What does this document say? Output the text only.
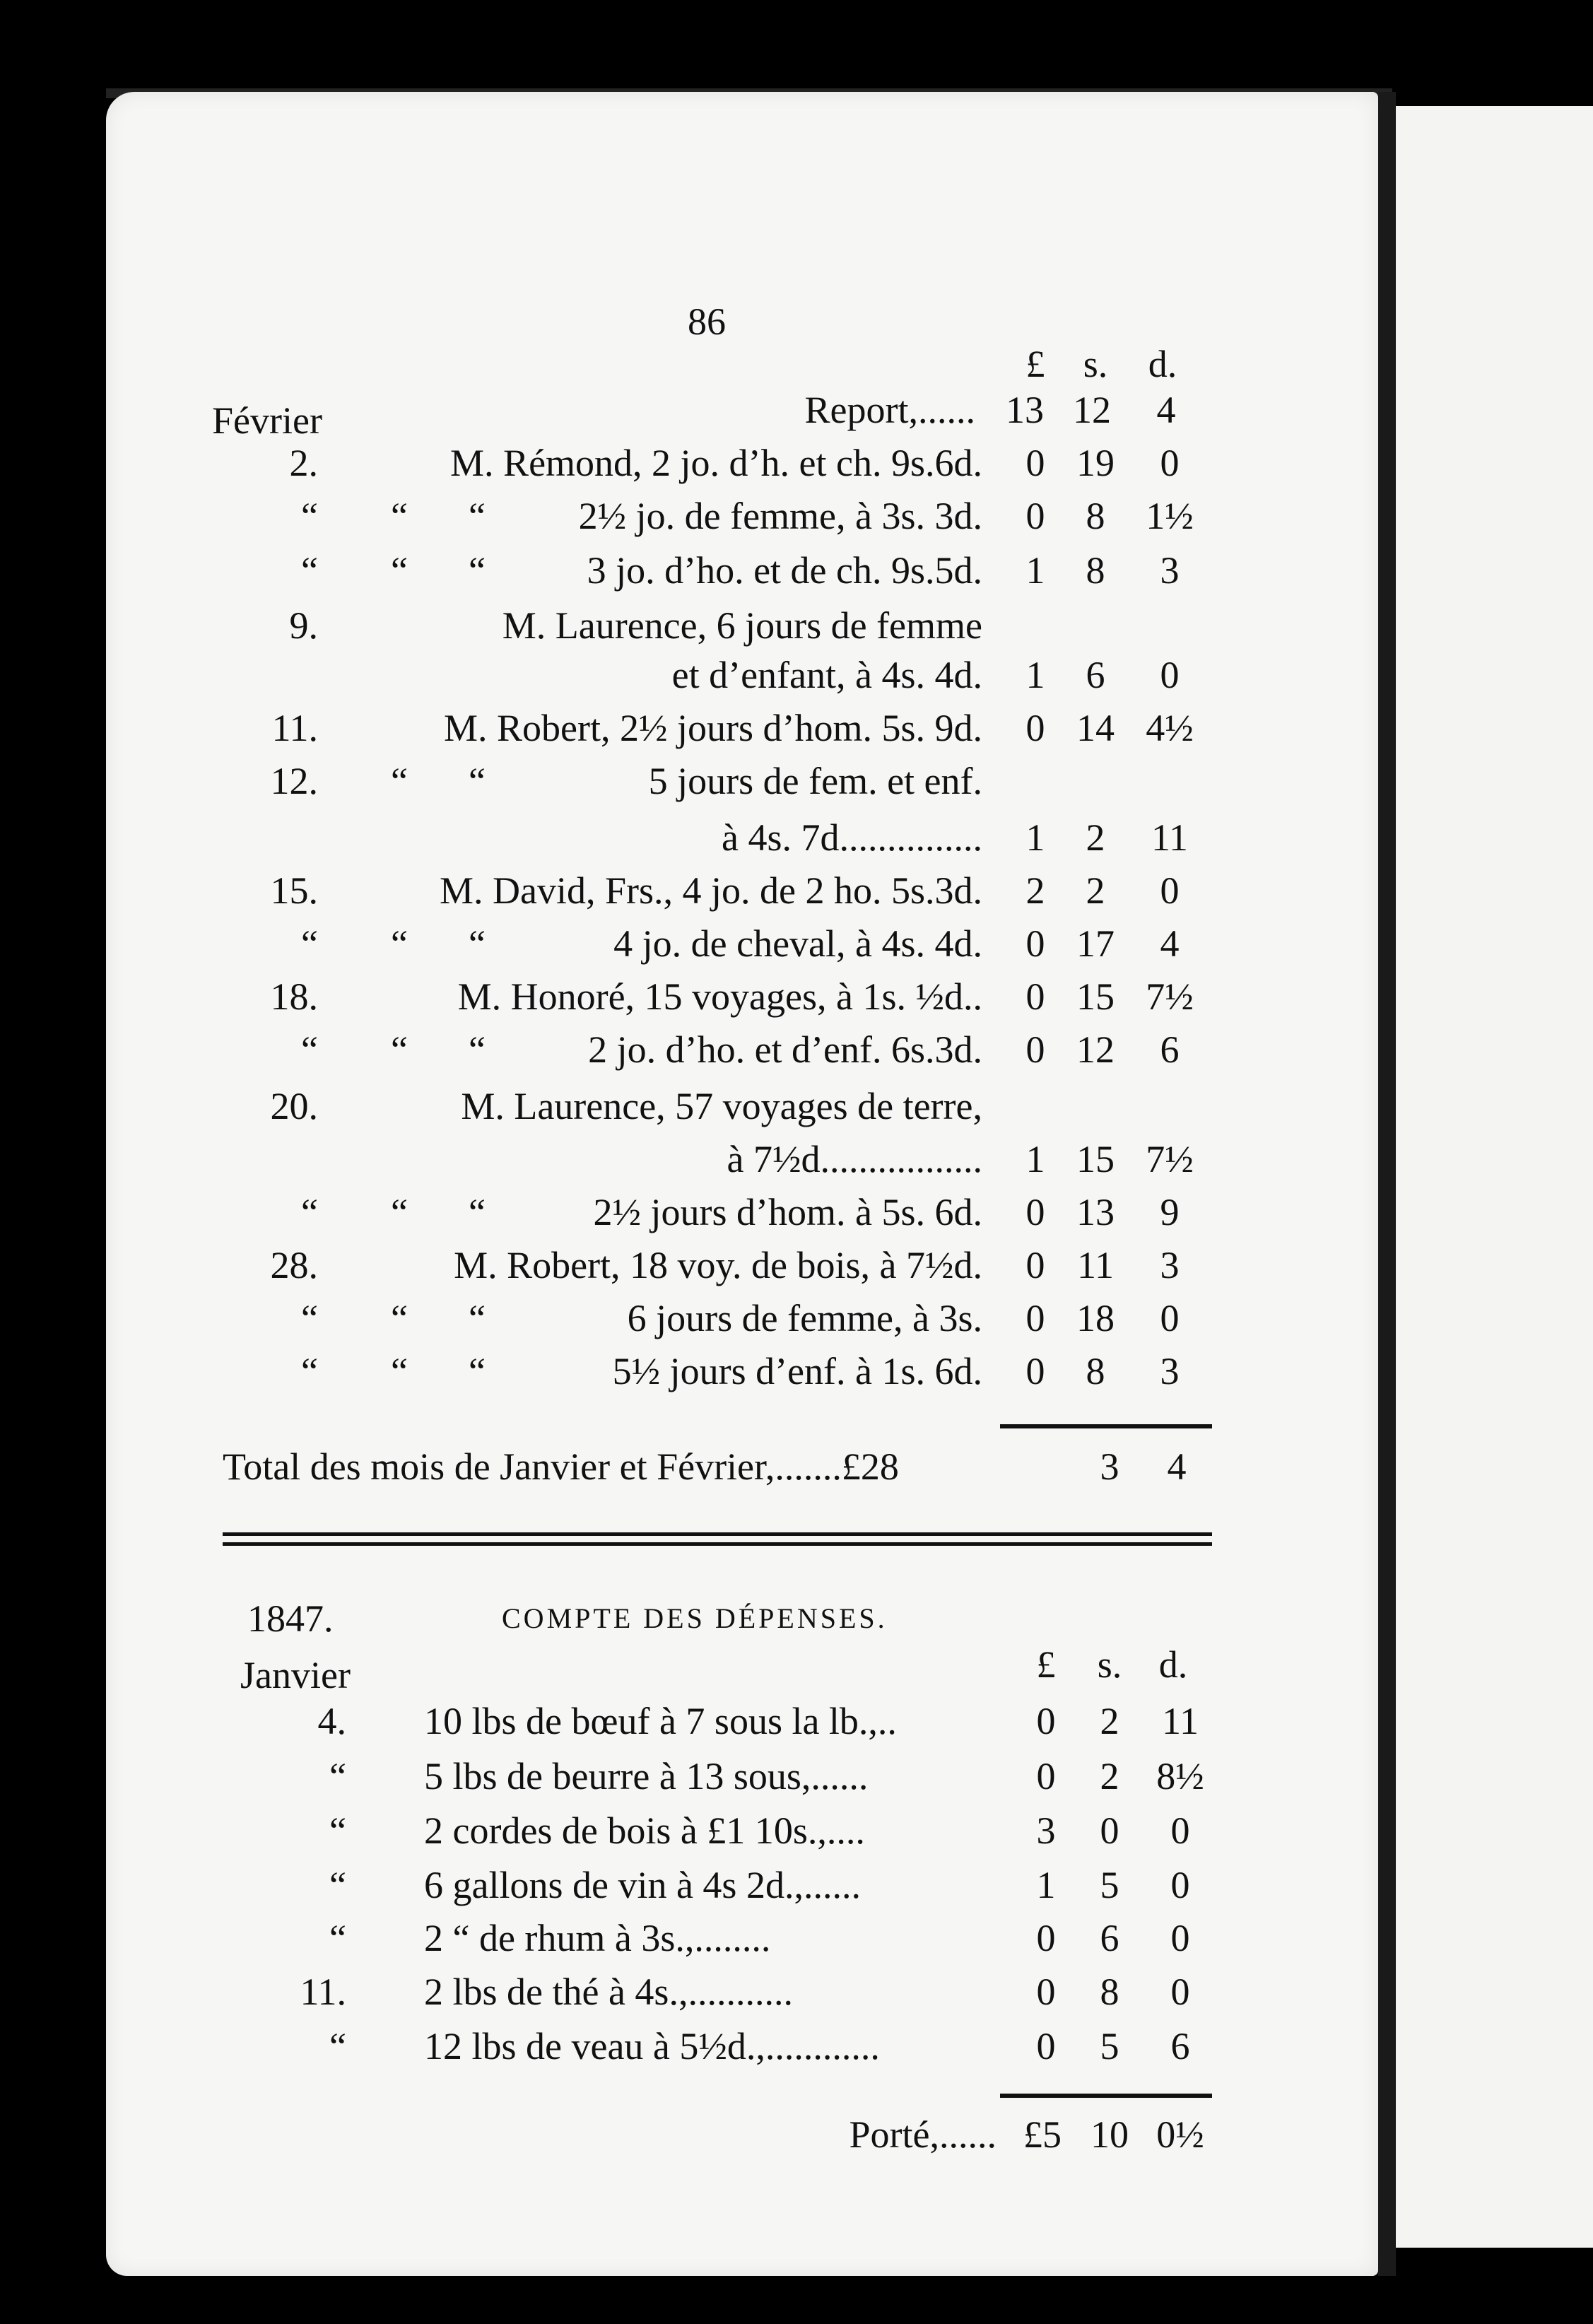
86
£	s.	d.
Février	Report,...... 13 12	4
2.	M. Rémond, 2 jo. d’h. et ch. 9s.6d.	0 19	0
“	“	“	2½ jo. de femme, à 3s. 3d.	0	8	1½
“	“	“	3 jo. d’ho. et de ch. 9s.5d.	1	8	3
9.	M. Laurence, 6 jours de femme
et d’enfant, à 4s. 4d.	1	6	0
11.	M. Robert, 2½ jours d’hom. 5s. 9d.	0 14 4½
12.	“	“	5 jours de fem. et enf.
à 4s. 7d...............	1	2	11
15.	M. David, Frs., 4 jo. de 2 ho. 5s.3d.	2	2	0
“	“	“	4 jo. de cheval, à 4s. 4d.	0 17	4
18.	M. Honoré, 15 voyages, à 1s. ½d..	0 15 7½
“	“	“	2 jo. d’ho. et d’enf. 6s.3d.	0 12	6
20.	M. Laurence, 57 voyages de terre,
à 7½d.................	1 15 7½
“	“	“	2½ jours d’hom. à 5s. 6d.	0 13	9
28.	M. Robert, 18 voy. de bois, à 7½d.	0 11	3
“	“	“	6 jours de femme, à 3s.	0 18	0
“	“	“	5½ jours d’enf. à 1s. 6d.	0	8	3
Total des mois de Janvier et Février,.......£28	3	4
1847.	COMPTE DES DÉPENSES.
Janvier	£	s. d.
4. 10 lbs de bœuf à 7 sous la lb.,..	0	2	11
“ 5 lbs de beurre à 13 sous,......	0	2 8½
“ 2 cordes de bois à £1 10s.,....	3	0	0
“ 6 gallons de vin à 4s 2d.,......	1	5	0
“ 2 “ de rhum à 3s.,........	0	6	0
11. 2 lbs de thé à 4s.,...........	0	8	0
“ 12 lbs de veau à 5½d.,............	0	5	6
Porté,...... £5 10 0½
